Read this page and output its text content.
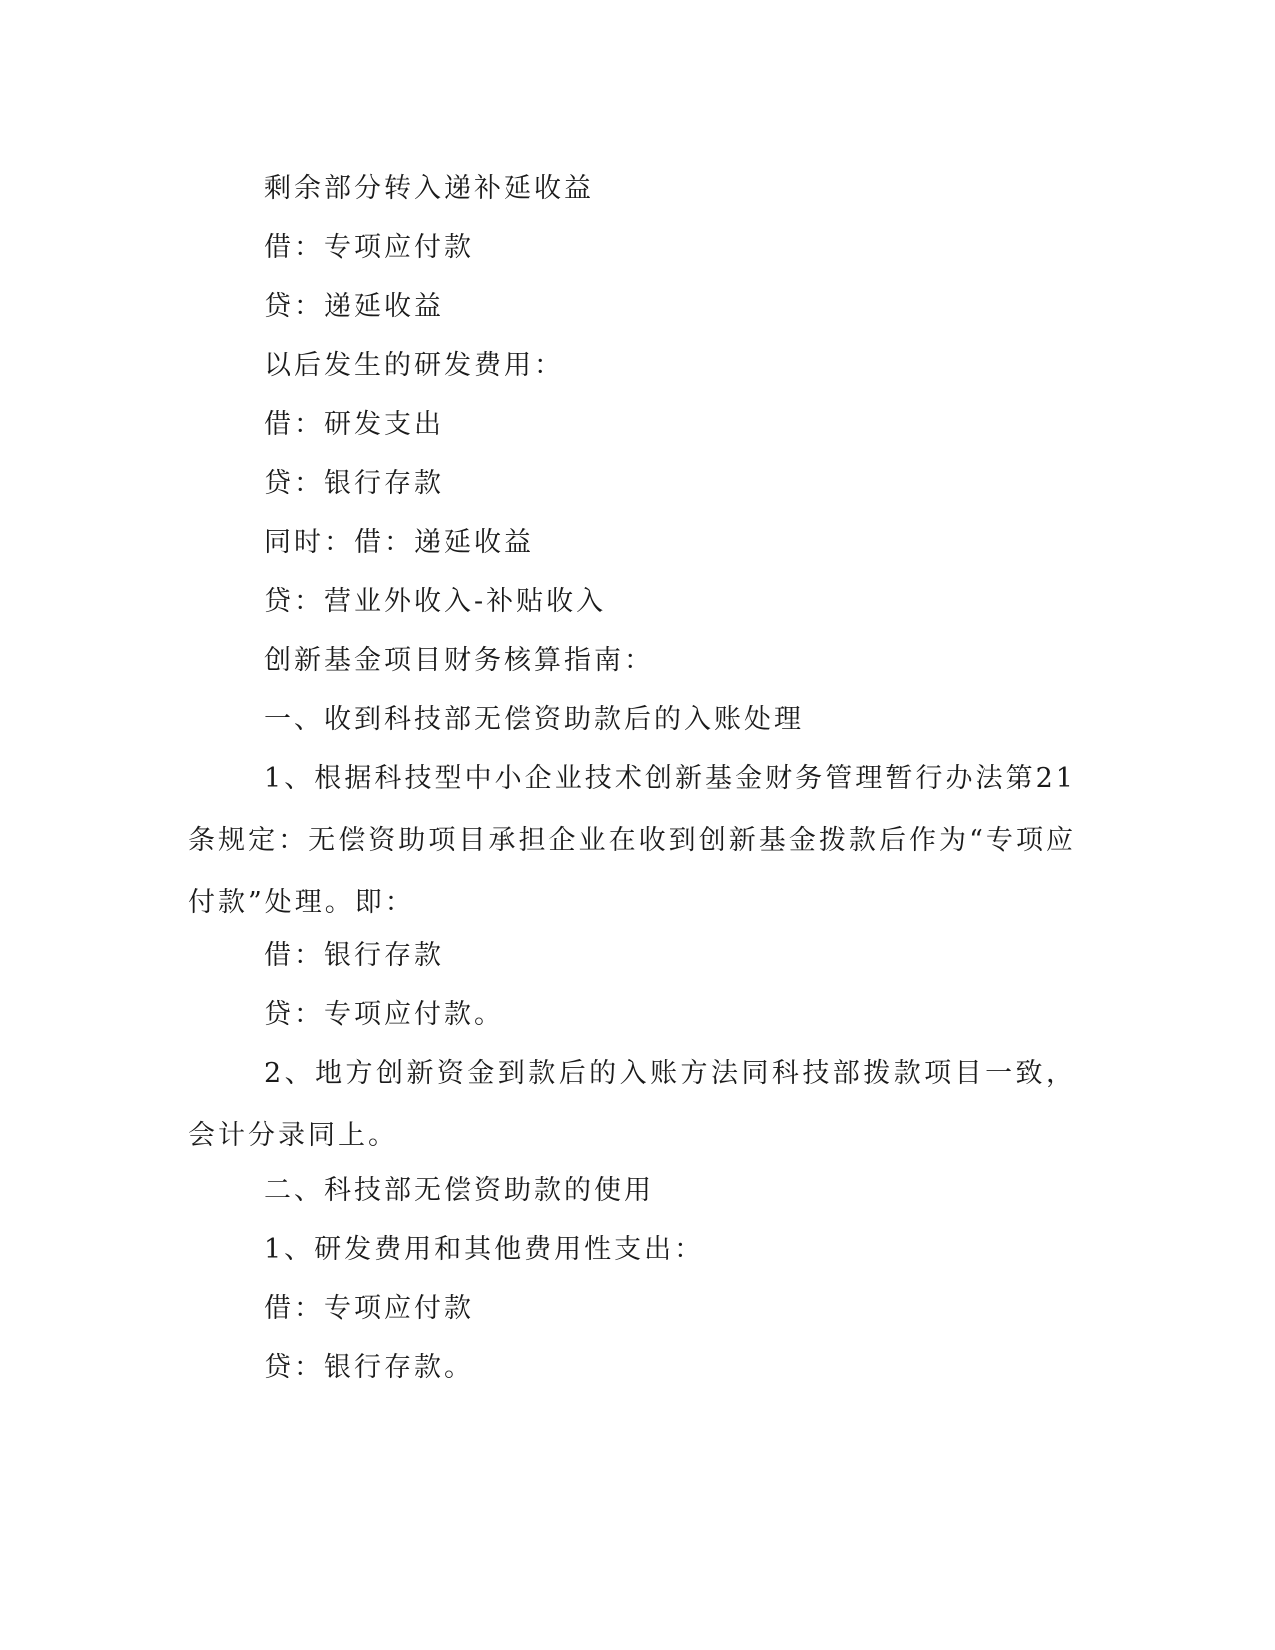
剩余部分转入递补延收益
借：专项应付款
贷：递延收益
以后发生的研发费用：
借：研发支出
贷：银行存款
同时：借：递延收益
贷：营业外收入-补贴收入
创新基金项目财务核算指南：
一、收到科技部无偿资助款后的入账处理
1、根据科技型中小企业技术创新基金财务管理暂行办法第21条规定：无偿资助项目承担企业在收到创新基金拨款后作为“专项应付款”处理。即：
借：银行存款
贷：专项应付款。
2、地方创新资金到款后的入账方法同科技部拨款项目一致，会计分录同上。
二、科技部无偿资助款的使用
1、研发费用和其他费用性支出：
借：专项应付款
贷：银行存款。
